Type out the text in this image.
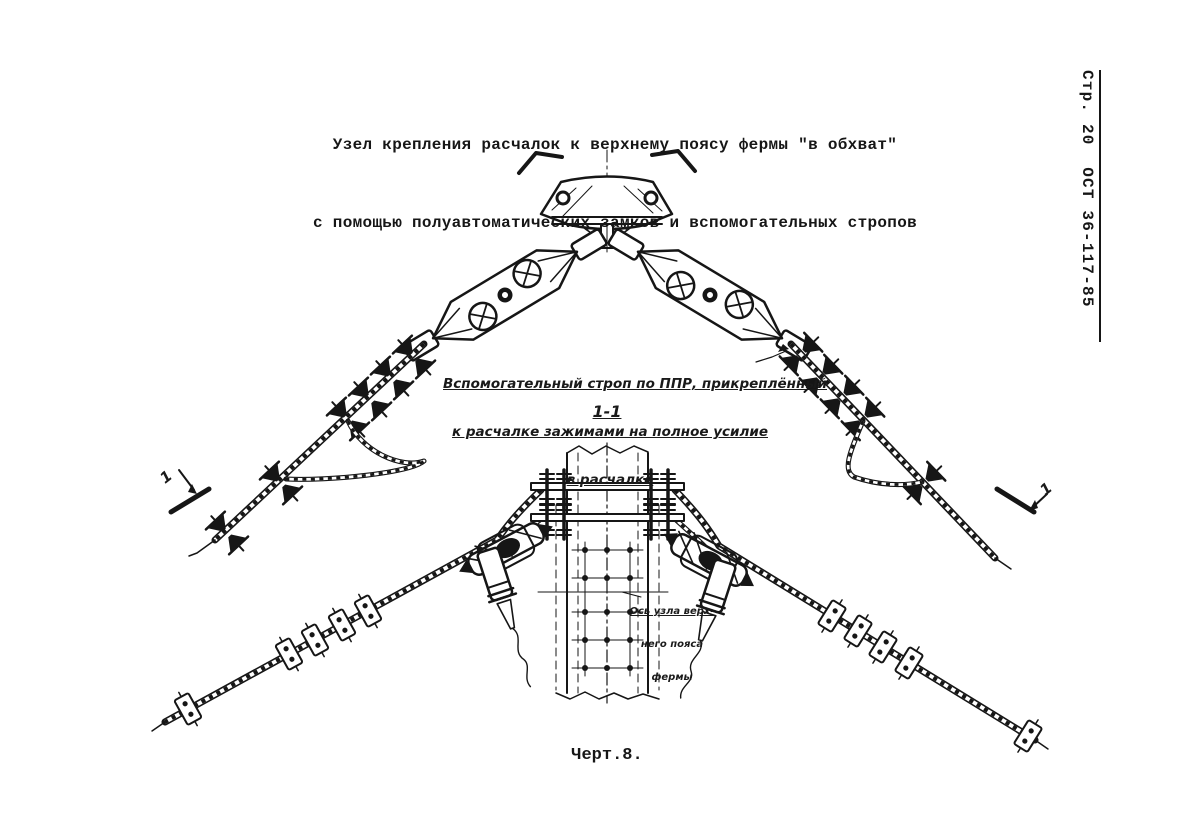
Узел крепления расчалок к верхнему поясу фермы "в обхват"

с помощью полуавтоматических замков и вспомогательных стропов	Стр. 20  ОСТ 36-117-85

Вспомогательный строп по ППР, прикреплённый

к расчалке зажимами на полное усилие

в расчалке

1-1

Ось узла верх-

него пояса

фермы

1
1
Черт.8.
